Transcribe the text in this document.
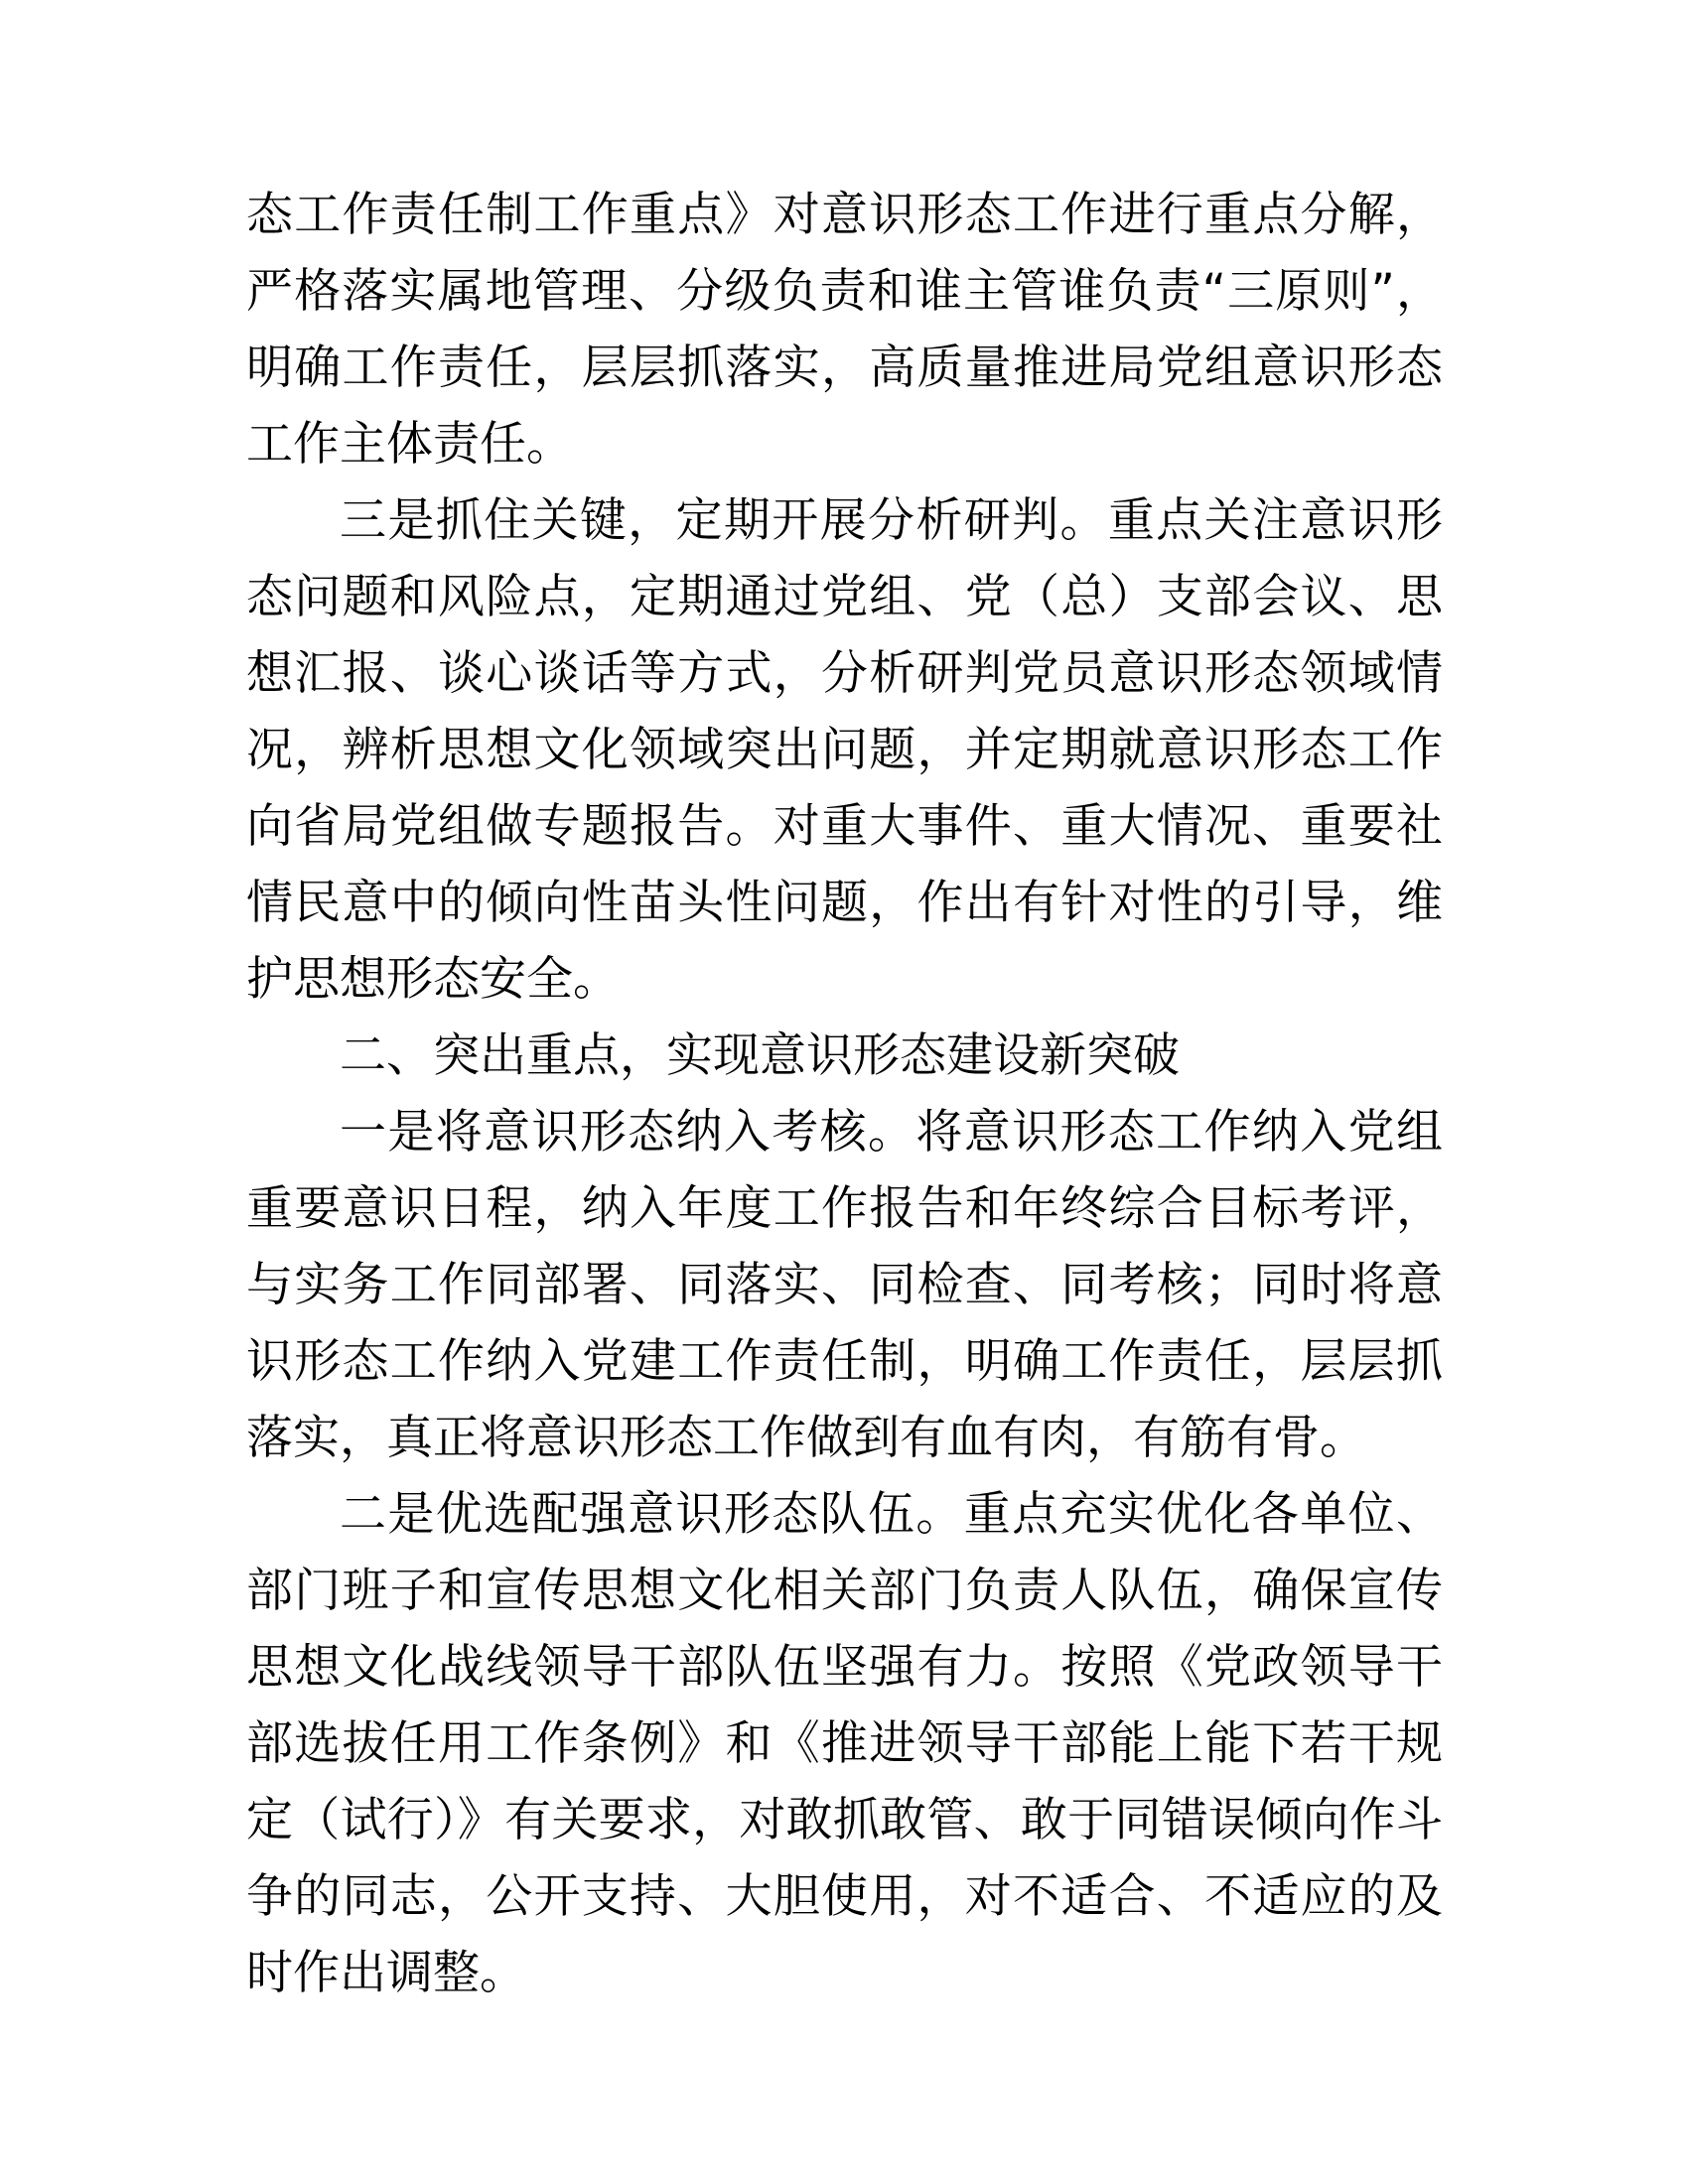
态工作责任制工作重点》对意识形态工作进行重点分解，严格落实属地管理、分级负责和谁主管谁负责“三原则”，明确工作责任，层层抓落实，高质量推进局党组意识形态工作主体责任。

三是抓住关键，定期开展分析研判。重点关注意识形态问题和风险点，定期通过党组、党（总）支部会议、思想汇报、谈心谈话等方式，分析研判党员意识形态领域情况，辨析思想文化领域突出问题，并定期就意识形态工作向省局党组做专题报告。对重大事件、重大情况、重要社情民意中的倾向性苗头性问题，作出有针对性的引导，维护思想形态安全。

二、突出重点，实现意识形态建设新突破

一是将意识形态纳入考核。将意识形态工作纳入党组重要意识日程，纳入年度工作报告和年终综合目标考评，与实务工作同部署、同落实、同检查、同考核；同时将意识形态工作纳入党建工作责任制，明确工作责任，层层抓落实，真正将意识形态工作做到有血有肉，有筋有骨。

二是优选配强意识形态队伍。重点充实优化各单位、部门班子和宣传思想文化相关部门负责人队伍，确保宣传思想文化战线领导干部队伍坚强有力。按照《党政领导干部选拔任用工作条例》和《推进领导干部能上能下若干规定（试行）》有关要求，对敢抓敢管、敢于同错误倾向作斗争的同志，公开支持、大胆使用，对不适合、不适应的及时作出调整。
